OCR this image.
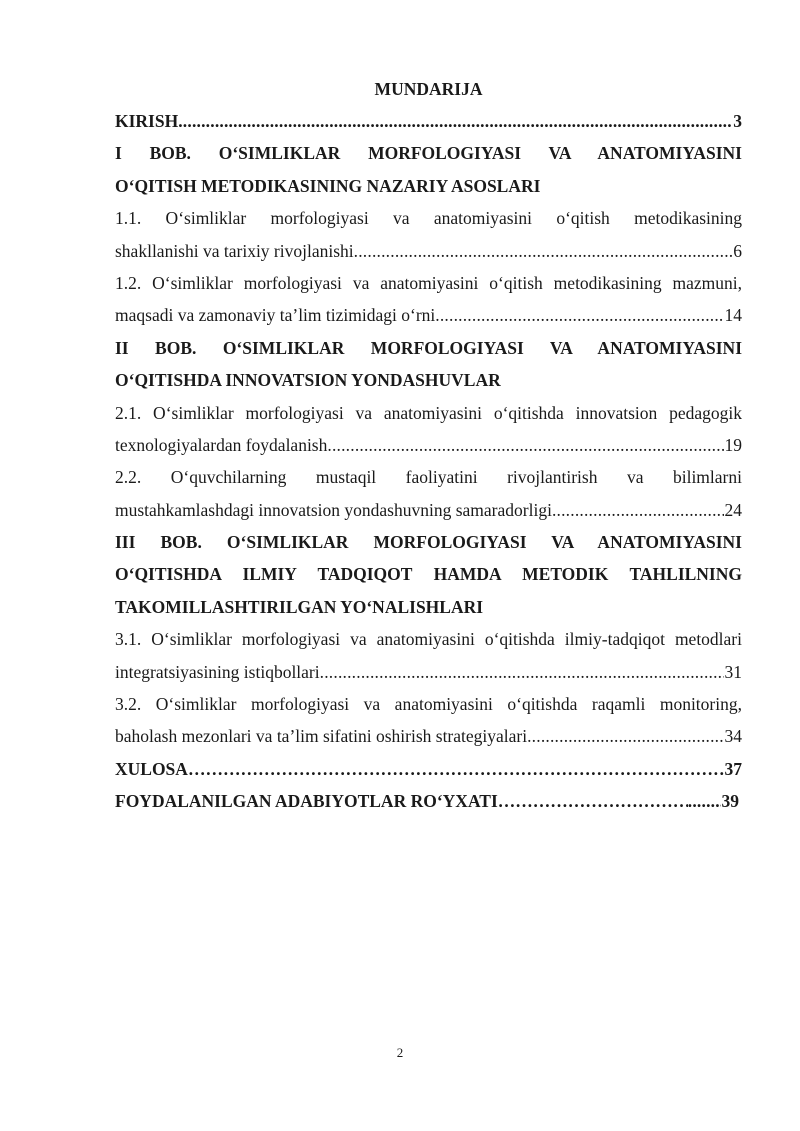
MUNDARIJA
KIRISH .....	3
I BOB. O‘SIMLIKLAR MORFOLOGIYASI VA ANATOMIYASINI
O‘QITISH METODIKASINING NAZARIY ASOSLARI
1.1. O‘simliklar morfologiyasi va anatomiyasini o‘qitish metodikasining
shakllanishi va tarixiy rivojlanishi .....	6
1.2. O‘simliklar morfologiyasi va anatomiyasini o‘qitish metodikasining mazmuni,
maqsadi va zamonaviy ta’lim tizimidagi o‘rni .....	14
II BOB. O‘SIMLIKLAR MORFOLOGIYASI VA ANATOMIYASINI
O‘QITISHDA INNOVATSION YONDASHUVLAR
2.1. O‘simliklar morfologiyasi va anatomiyasini o‘qitishda innovatsion pedagogik
texnologiyalardan foydalanish .....	19
2.2. O‘quvchilarning mustaqil faoliyatini rivojlantirish va bilimlarni
mustahkamlashdagi innovatsion yondashuvning samaradorligi .....	24
III BOB. O‘SIMLIKLAR MORFOLOGIYASI VA ANATOMIYASINI
O‘QITISHDA ILMIY TADQIQOT HAMDA METODIK TAHLILNING
TAKOMILLASHTIRILGAN YO‘NALISHLARI
3.1. O‘simliklar morfologiyasi va anatomiyasini o‘qitishda ilmiy-tadqiqot metodlari
integratsiyasining istiqbollari .....	31
3.2. O‘simliklar morfologiyasi va anatomiyasini o‘qitishda raqamli monitoring,
baholash mezonlari va ta’lim sifatini oshirish strategiyalari .....	34
XULOSA ……………………………………………………………………………………………………………………………………	37
FOYDALANILGAN ADABIYOTLAR RO‘YXATI …………………………………………………………………………………………………………………………………… .....	39
2
